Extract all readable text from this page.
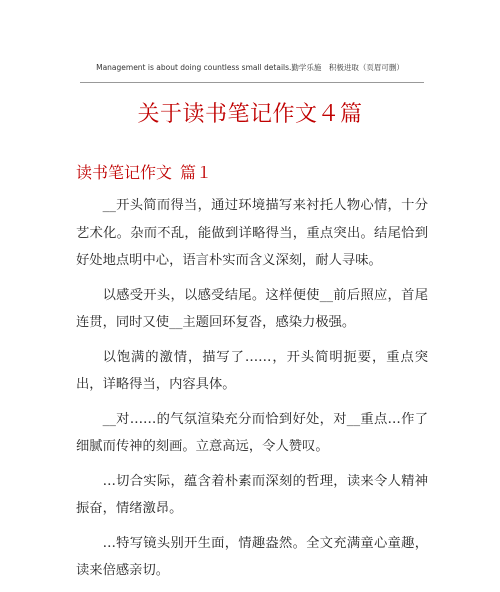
Management is about doing countless small details.勤学乐施　积极进取（页眉可删）
关于读书笔记作文４篇
读书笔记作文 篇１

__开头简而得当，通过环境描写来衬托人物心情，十分艺术化。杂而不乱，能做到详略得当，重点突出。结尾恰到好处地点明中心，语言朴实而含义深刻，耐人寻味。

以感受开头，以感受结尾。这样便使__前后照应，首尾连贯，同时又使__主题回环复沓，感染力极强。

以饱满的激情，描写了……，开头简明扼要，重点突出，详略得当，内容具体。

__对……的气氛渲染充分而恰到好处，对__重点…作了细腻而传神的刻画。立意高远，令人赞叹。

…切合实际，蕴含着朴素而深刻的哲理，读来令人精神振奋，情绪激昂。

…特写镜头别开生面，情趣盎然。全文充满童心童趣，读来倍感亲切。
